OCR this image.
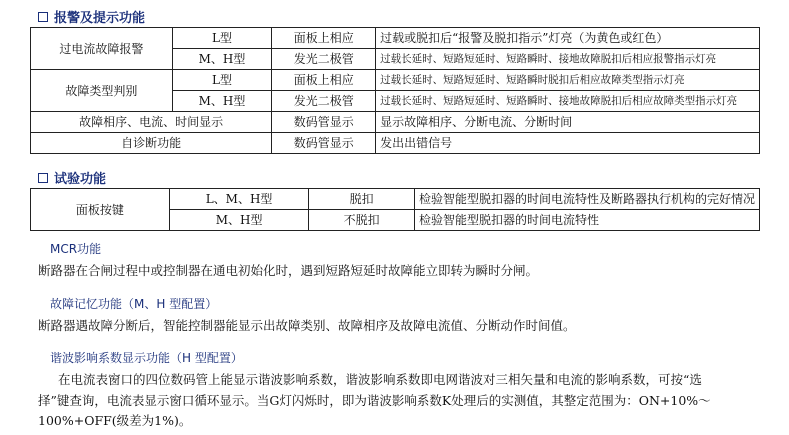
报警及提示功能
过电流故障报警	L型	面板上相应	过载或脱扣后“报警及脱扣指示”灯亮（为黄色或红色）
	M、H型	发光二极管	过载长延时、短路短延时、短路瞬时、接地故障脱扣后相应报警指示灯亮
故障类型判别	L型	面板上相应	过载长延时、短路短延时、短路瞬时脱扣后相应故障类型指示灯亮
	M、H型	发光二极管	过载长延时、短路短延时、短路瞬时、接地故障脱扣后相应故障类型指示灯亮
故障相序、电流、时间显示		数码管显示	显示故障相序、分断电流、分断时间
自诊断功能		数码管显示	发出出错信号
试验功能
面板按键	L、M、H型	脱扣	检验智能型脱扣器的时间电流特性及断路器执行机构的完好情况
	M、H型	不脱扣	检验智能型脱扣器的时间电流特性
MCR功能
断路器在合闸过程中或控制器在通电初始化时，遇到短路短延时故障能立即转为瞬时分闸。
故障记忆功能（M、H 型配置）
断路器遇故障分断后，智能控制器能显示出故障类别、故障相序及故障电流值、分断动作时间值。
谐波影响系数显示功能（H 型配置）
在电流表窗口的四位数码管上能显示谐波影响系数，谐波影响系数即电网谐波对三相矢量和电流的影响系数，可按“选
择”键查询，电流表显示窗口循环显示。当G灯闪烁时，即为谐波影响系数K处理后的实测值，其整定范围为：ON+10%～
100%+OFF(级差为1%)。
